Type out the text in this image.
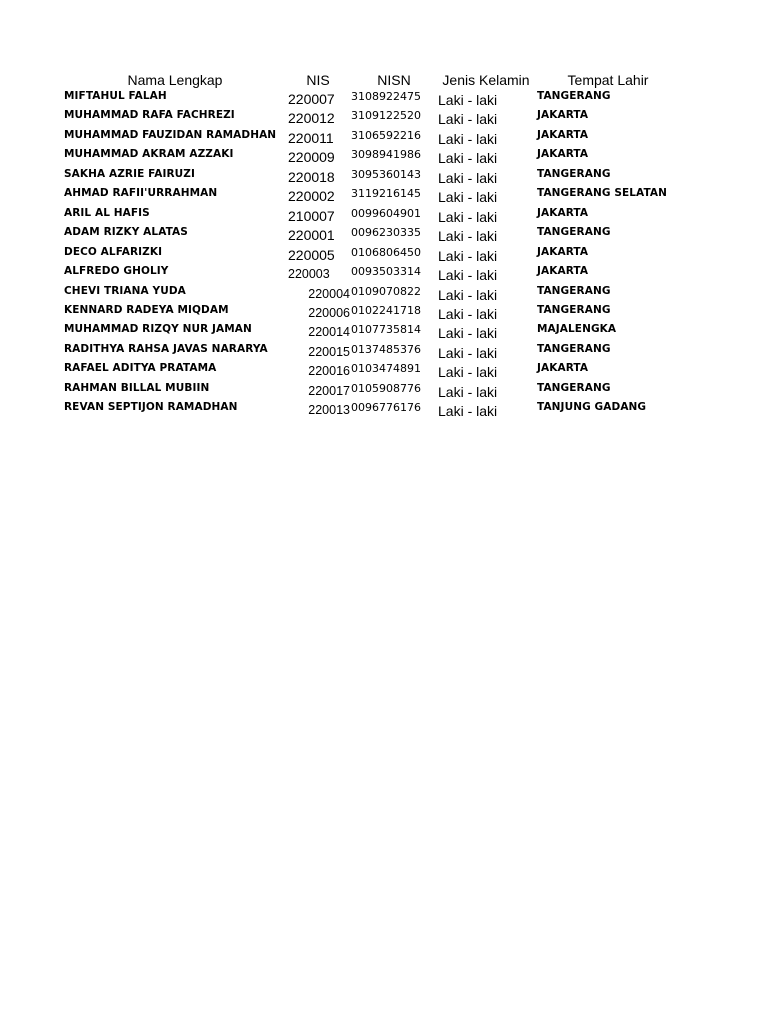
Nama Lengkap	NIS	NISN	Jenis Kelamin	Tempat Lahir
MIFTAHUL FALAH	220007 3108922475 Laki - laki	TANGERANG
MUHAMMAD RAFA FACHREZI	220012 3109122520 Laki - laki	JAKARTA
MUHAMMAD FAUZIDAN RAMADHAN 220011 3106592216 Laki - laki	JAKARTA
MUHAMMAD AKRAM AZZAKI	220009 3098941986 Laki - laki	JAKARTA
SAKHA AZRIE FAIRUZI	220018 3095360143 Laki - laki	TANGERANG
AHMAD RAFII'URRAHMAN	220002 3119216145 Laki - laki	TANGERANG SELATAN
ARIL AL HAFIS	210007 0099604901 Laki - laki	JAKARTA
ADAM RIZKY ALATAS	220001 0096230335 Laki - laki	TANGERANG
DECO ALFARIZKI	220005 0106806450 Laki - laki	JAKARTA
ALFREDO GHOLIY	220003 0093503314 Laki - laki	JAKARTA
CHEVI TRIANA YUDA	220004 0109070822 Laki - laki	TANGERANG
KENNARD RADEYA MIQDAM	220006 0102241718 Laki - laki	TANGERANG
MUHAMMAD RIZQY NUR JAMAN	220014 0107735814 Laki - laki	MAJALENGKA
RADITHYA RAHSA JAVAS NARARYA	220015 0137485376 Laki - laki	TANGERANG
RAFAEL ADITYA PRATAMA	220016 0103474891 Laki - laki	JAKARTA
RAHMAN BILLAL MUBIIN	220017 0105908776 Laki - laki	TANGERANG
REVAN SEPTIJON RAMADHAN	220013 0096776176 Laki - laki	TANJUNG GADANG
